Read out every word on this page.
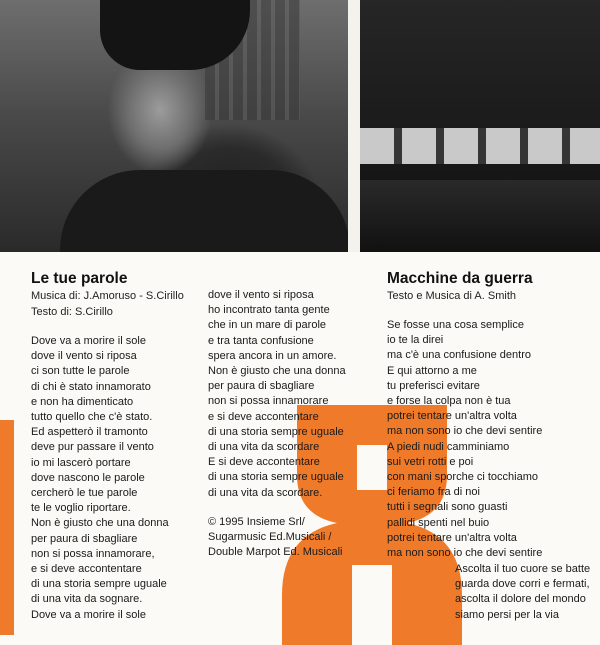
Le tue parole

Musica di: J.Amoruso - S.Cirillo

Testo di: S.Cirillo

Dove va a morire il sole
dove il vento si riposa
ci son tutte le parole
di chi è stato innamorato
e non ha dimenticato
tutto quello che c'è stato.
Ed aspetterò il tramonto
deve pur passare il vento
io mi lascerò portare
dove nascono le parole
cercherò le tue parole
te le voglio riportare.
Non è giusto che una donna
per paura di sbagliare
non si possa innamorare,
e si deve accontentare
di una storia sempre uguale
di una vita da sognare.
Dove va a morire il sole
dove il vento si riposa
ho incontrato tanta gente
che in un mare di parole
e tra tanta confusione
spera ancora in un amore.
Non è giusto che una donna
per paura di sbagliare
non si possa innamorare
e si deve accontentare
di una storia sempre uguale
di una vita da scordare
E si deve accontentare
di una storia sempre uguale
di una vita da scordare.
© 1995 Insieme Srl/
Sugarmusic Ed.Musicali /
Double Marpot Ed. Musicali
Macchine da guerra

Testo e Musica di A. Smith

Se fosse una cosa semplice
io te la direi
ma c'è una confusione dentro
E qui attorno a me
tu preferisci evitare
e forse la colpa non è tua
potrei tentare un'altra volta
ma non sono io che devi sentire
A piedi nudi camminiamo
sui vetri rotti e poi
con mani sporche ci tocchiamo
ci feriamo fra di noi
tutti i segnali sono guasti
pallidi spenti nel buio
potrei tentare un'altra volta
ma non sono io che devi sentire
Ascolta il tuo cuore se batte
guarda dove corri e fermati,
ascolta il dolore del mondo
siamo persi per la via
